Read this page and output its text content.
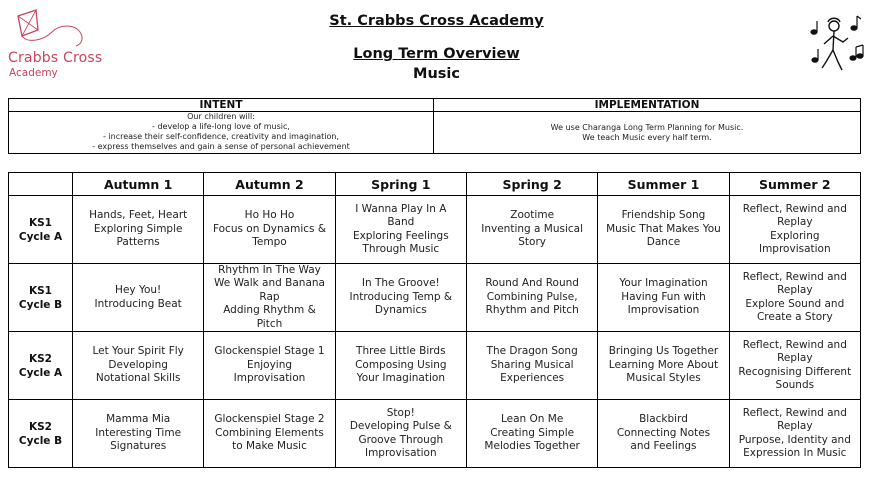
Crabbs Cross
Academy
St. Crabbs Cross Academy
Long Term Overview
Music
INTENT	IMPLEMENTATION

Our children will:
- develop a life-long love of music,
- increase their self-confidence, creativity and imagination,
- express themselves and gain a sense of personal achievement	We use Charanga Long Term Planning for Music.
We teach Music every half term.
	Autumn 1	Autumn 2	Spring 1	Spring 2	Summer 1	Summer 2

KS1
Cycle A	Hands, Feet, Heart
Exploring Simple
Patterns	Ho Ho Ho
Focus on Dynamics &
Tempo	I Wanna Play In A
Band
Exploring Feelings
Through Music	Zootime
Inventing a Musical
Story	Friendship Song
Music That Makes You
Dance	Reflect, Rewind and
Replay
Exploring
Improvisation

KS1
Cycle B	Hey You!
Introducing Beat	Rhythm In The Way
We Walk and Banana
Rap
Adding Rhythm &
Pitch	In The Groove!
Introducing Temp &
Dynamics	Round And Round
Combining Pulse,
Rhythm and Pitch	Your Imagination
Having Fun with
Improvisation	Reflect, Rewind and
Replay
Explore Sound and
Create a Story

KS2
Cycle A	Let Your Spirit Fly
Developing
Notational Skills	Glockenspiel Stage 1
Enjoying
Improvisation	Three Little Birds
Composing Using
Your Imagination	The Dragon Song
Sharing Musical
Experiences	Bringing Us Together
Learning More About
Musical Styles	Reflect, Rewind and
Replay
Recognising Different
Sounds

KS2
Cycle B	Mamma Mia
Interesting Time
Signatures	Glockenspiel Stage 2
Combining Elements
to Make Music	Stop!
Developing Pulse &
Groove Through
Improvisation	Lean On Me
Creating Simple
Melodies Together	Blackbird
Connecting Notes
and Feelings	Reflect, Rewind and
Replay
Purpose, Identity and
Expression In Music
